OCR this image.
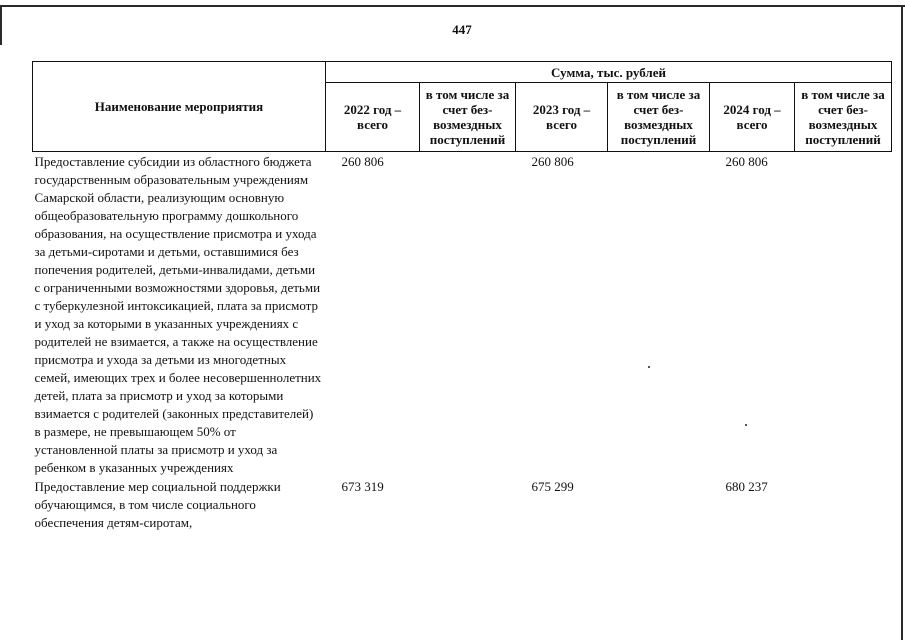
447
Наименование мероприятия	Сумма, тыс. рублей					
	2022 год – всего	в том числе за счет без-возмездных поступлений	2023 год – всего	в том числе за счет без-возмездных поступлений	2024 год – всего	в том числе за счет без-возмездных поступлений
Предоставление субсидии из областного бюджета государственным образовательным учреждениям Самарской области, реализующим основную общеобразовательную программу дошкольного образования, на осуществление присмотра и ухода за детьми-сиротами и детьми, оставшимися без попечения родителей, детьми-инвалидами, детьми с ограниченными возможностями здоровья, детьми с туберкулезной интоксикацией, плата за присмотр и уход за которыми в указанных учреждениях с родителей не взимается, а также на осуществление присмотра и ухода за детьми из многодетных семей, имеющих трех и более несовершеннолетних детей, плата за присмотр и уход за которыми взимается с родителей (законных представителей) в размере, не превышающем 50% от установленной платы за присмотр и уход за ребенком в указанных учреждениях	260 806		260 806		260 806	
Предоставление мер социальной поддержки обучающимся, в том числе социального обеспечения детям-сиротам,	673 319		675 299		680 237	
